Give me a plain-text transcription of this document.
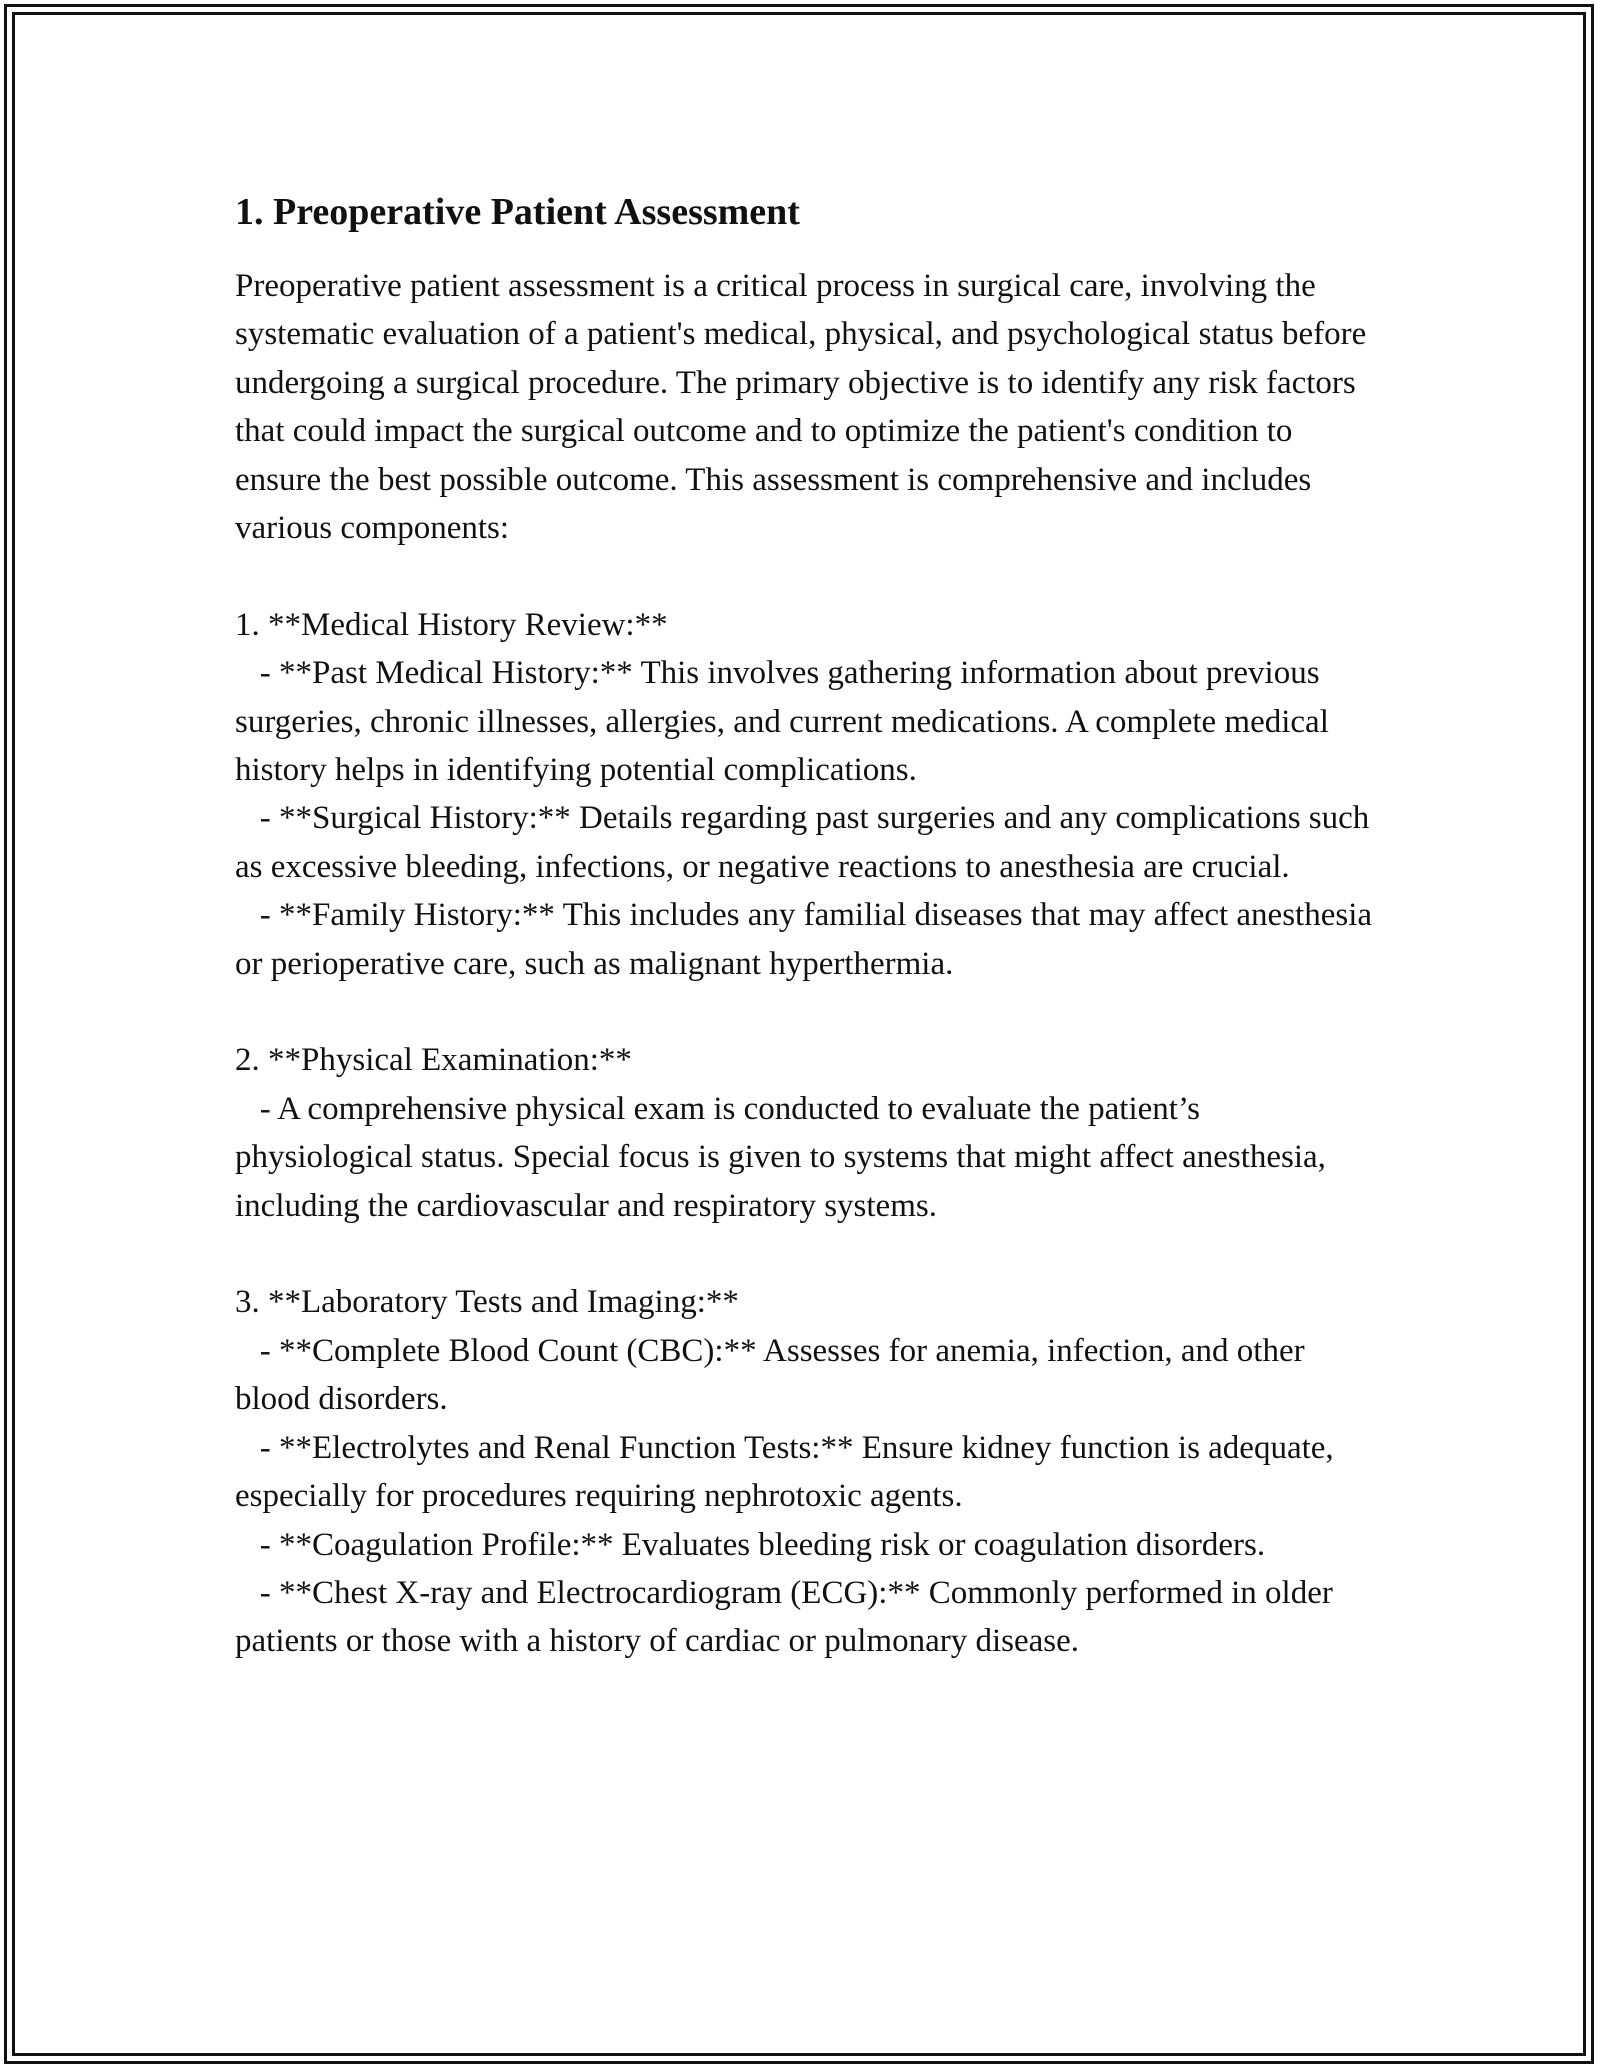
1. Preoperative Patient Assessment

Preoperative patient assessment is a critical process in surgical care, involving the systematic evaluation of a patient's medical, physical, and psychological status before undergoing a surgical procedure. The primary objective is to identify any risk factors that could impact the surgical outcome and to optimize the patient's condition to ensure the best possible outcome. This assessment is comprehensive and includes various components:

1. **Medical History Review:**

- **Past Medical History:** This involves gathering information about previous surgeries, chronic illnesses, allergies, and current medications. A complete medical history helps in identifying potential complications.

- **Surgical History:** Details regarding past surgeries and any complications such as excessive bleeding, infections, or negative reactions to anesthesia are crucial.

- **Family History:** This includes any familial diseases that may affect anesthesia or perioperative care, such as malignant hyperthermia.

2. **Physical Examination:**

- A comprehensive physical exam is conducted to evaluate the patient’s physiological status. Special focus is given to systems that might affect anesthesia, including the cardiovascular and respiratory systems.

3. **Laboratory Tests and Imaging:**

- **Complete Blood Count (CBC):** Assesses for anemia, infection, and other blood disorders.

- **Electrolytes and Renal Function Tests:** Ensure kidney function is adequate, especially for procedures requiring nephrotoxic agents.

- **Coagulation Profile:** Evaluates bleeding risk or coagulation disorders.

- **Chest X-ray and Electrocardiogram (ECG):** Commonly performed in older patients or those with a history of cardiac or pulmonary disease.
